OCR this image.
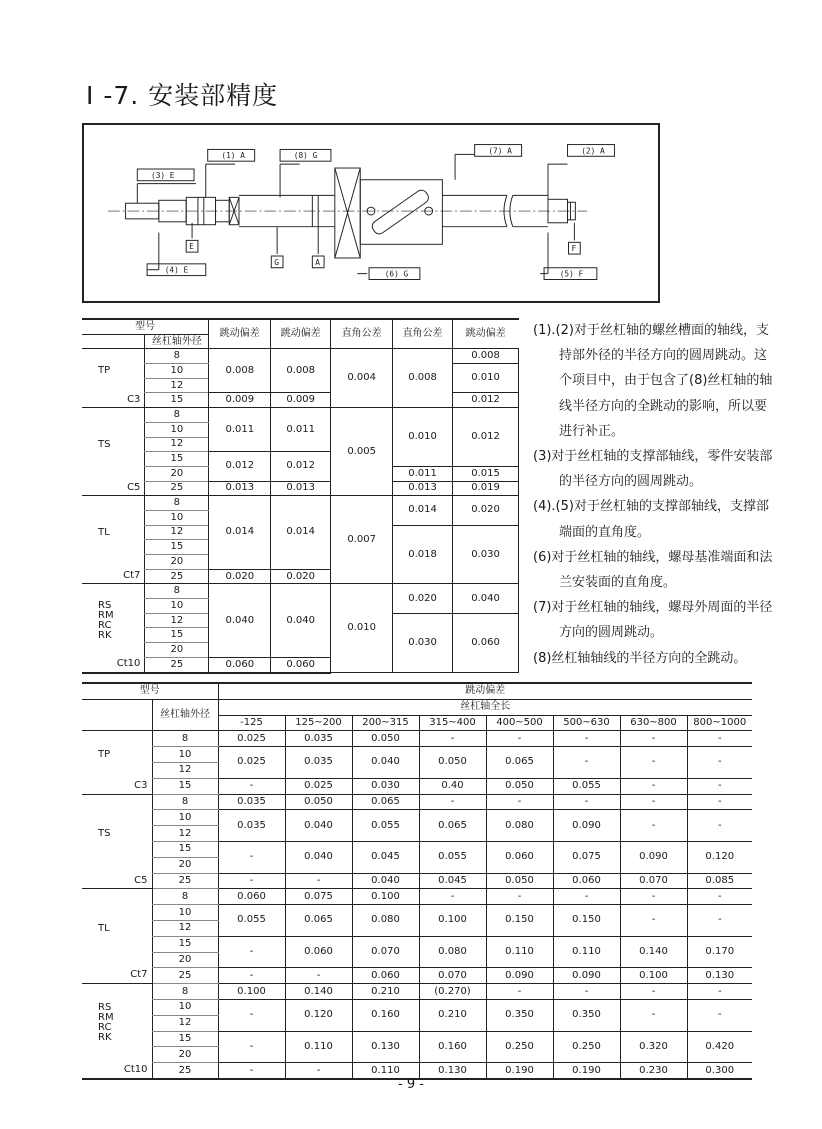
Ⅰ -7. 安装部精度
(3) E
(1) A	(8) G
(7) A	(2) A
(4) E	(6) G	(5) F
E
G	A
F
型号		跳动偏差	跳动偏差	直角公差	直角公差	跳动偏差
	丝杠轴外径					
TP	8	0.008	0.008	0.004	0.008	0.008
	10					0.010
	12					
C3	15	0.009	0.009			0.012
TS	8	0.011	0.011	0.005	0.010	0.012
	10					
	12					
	15	0.012	0.012			
	20				0.011	0.015
C5	25	0.013	0.013		0.013	0.019
TL	8	0.014	0.014	0.007	0.014	0.020
	10					
	12				0.018	0.030
	15					
	20					
Ct7	25	0.020	0.020			
RS
RM
RC
RK	8	0.040	0.040	0.010	0.020	0.040
	10					
	12				0.030	0.060
	15					
	20					
Ct10	25	0.060	0.060			

(1).(2)对于丝杠轴的螺丝槽面的轴线，支持部外径的半径方向的圆周跳动。这个项目中，由于包含了(8)丝杠轴的轴线半径方向的全跳动的影响，所以要进行补正。

(3)对于丝杠轴的支撑部轴线，零件安装部的半径方向的圆周跳动。

(4).(5)对于丝杠轴的支撑部轴线，支撑部端面的直角度。

(6)对于丝杠轴的轴线，螺母基准端面和法兰安装面的直角度。

(7)对于丝杠轴的轴线，螺母外周面的半径方向的圆周跳动。

(8)丝杠轴轴线的半径方向的全跳动。

型号		跳动偏差							
	丝杠轴外径	丝杠轴全长							
		-125	125~200	200~315	315~400	400~500	500~630	630~800	800~1000
TP	8	0.025	0.035	0.050	-	-	-	-	-
	10	0.025	0.035	0.040	0.050	0.065	-	-	-
	12								
C3	15	-	0.025	0.030	0.40	0.050	0.055	-	-
TS	8	0.035	0.050	0.065	-	-	-	-	-
	10	0.035	0.040	0.055	0.065	0.080	0.090	-	-
	12								
	15	-	0.040	0.045	0.055	0.060	0.075	0.090	0.120
	20								
C5	25	-	-	0.040	0.045	0.050	0.060	0.070	0.085
TL	8	0.060	0.075	0.100	-	-	-	-	-
	10	0.055	0.065	0.080	0.100	0.150	0.150	-	-
	12								
	15	-	0.060	0.070	0.080	0.110	0.110	0.140	0.170
	20								
Ct7	25	-	-	0.060	0.070	0.090	0.090	0.100	0.130
RS
RM
RC
RK	8	0.100	0.140	0.210	(0.270)	-	-	-	-
	10	-	0.120	0.160	0.210	0.350	0.350	-	-
	12								
	15	-	0.110	0.130	0.160	0.250	0.250	0.320	0.420
	20								
Ct10	25	-	-	0.110	0.130	0.190	0.190	0.230	0.300
- 9 -
